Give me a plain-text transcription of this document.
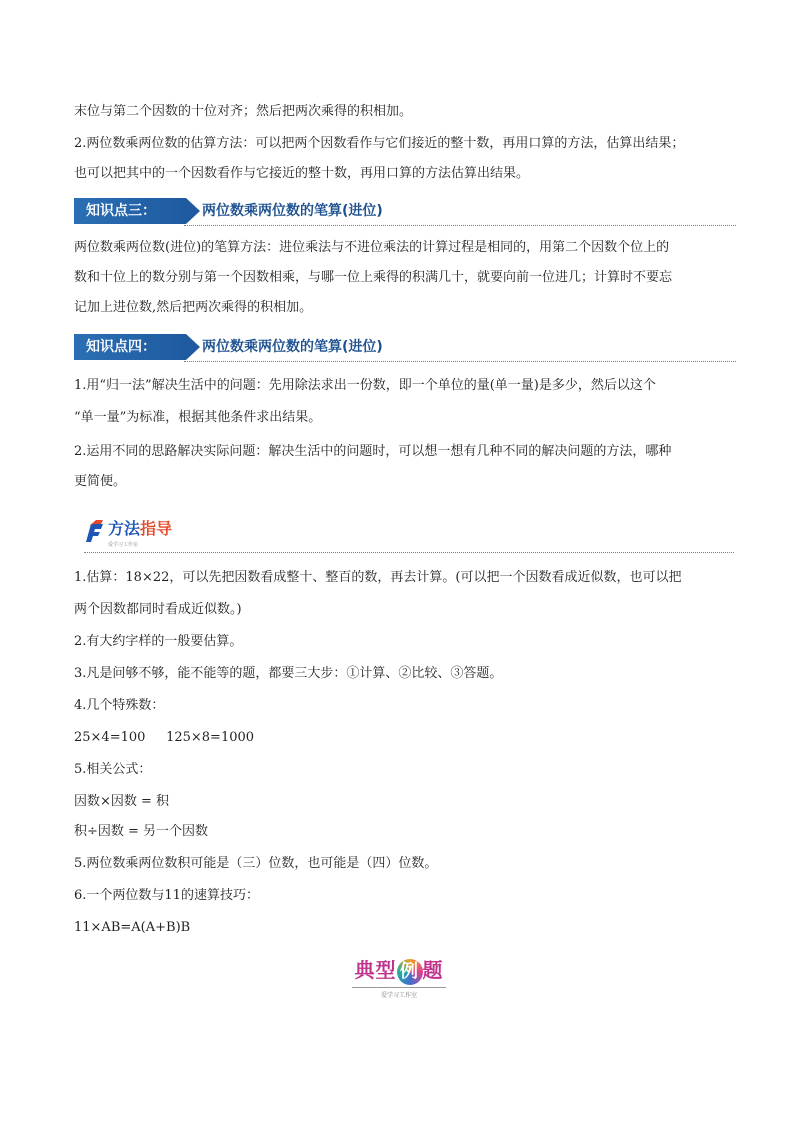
末位与第二个因数的十位对齐；然后把两次乘得的积相加。
2.两位数乘两位数的估算方法：可以把两个因数看作与它们接近的整十数，再用口算的方法，估算出结果；
也可以把其中的一个因数看作与它接近的整十数，再用口算的方法估算出结果。
知识点三：	两位数乘两位数的笔算(进位)
两位数乘两位数(进位)的笔算方法：进位乘法与不进位乘法的计算过程是相同的，用第二个因数个位上的
数和十位上的数分别与第一个因数相乘，与哪一位上乘得的积满几十，就要向前一位进几；计算时不要忘
记加上进位数,然后把两次乘得的积相加。
知识点四：	两位数乘两位数的笔算(进位)
1.用“归一法”解决生活中的问题：先用除法求出一份数，即一个单位的量(单一量)是多少，然后以这个
“单一量”为标准，根据其他条件求出结果。
2.运用不同的思路解决实际问题：解决生活中的问题时，可以想一想有几种不同的解决问题的方法，哪种
更简便。
方法指导
爱学习工作室
1.估算：18×22，可以先把因数看成整十、整百的数，再去计算。(可以把一个因数看成近似数，也可以把
两个因数都同时看成近似数。)
2.有大约字样的一般要估算。
3.凡是问够不够，能不能等的题，都要三大步：①计算、②比较、③答题。
4.几个特殊数：
25×4=100     125×8=1000
5.相关公式：
因数×因数 = 积
积÷因数 = 另一个因数
5.两位数乘两位数积可能是（三）位数，也可能是（四）位数。
6.一个两位数与11的速算技巧：
11×AB=A(A+B)B
典型 例 题
爱学习工作室
